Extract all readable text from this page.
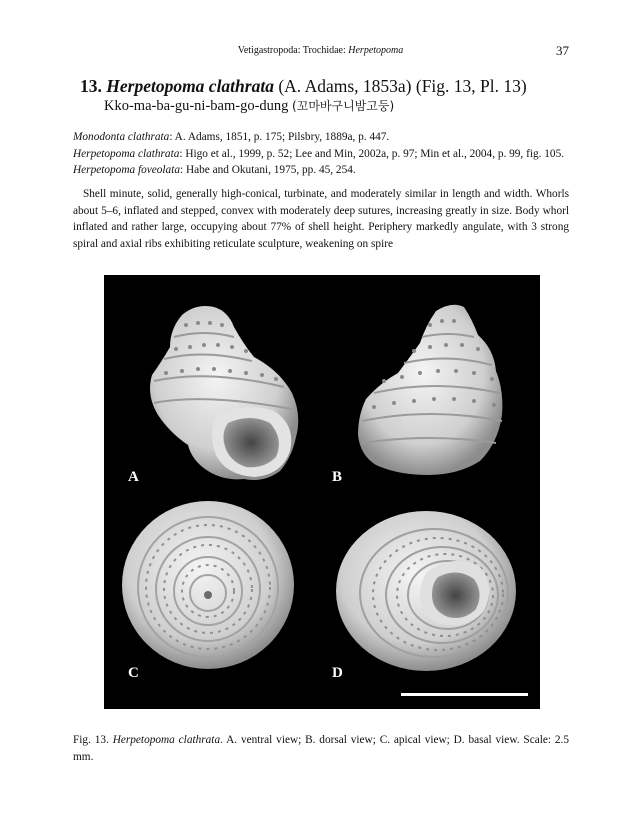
Vetigastropoda: Trochidae: Herpetopoma	37
13. Herpetopoma clathrata (A. Adams, 1853a) (Fig. 13, Pl. 13)
Kko-ma-ba-gu-ni-bam-go-dung (꼬마바구니밤고둥)
Monodonta clathrata: A. Adams, 1851, p. 175; Pilsbry, 1889a, p. 447.
Herpetopoma clathrata: Higo et al., 1999, p. 52; Lee and Min, 2002a, p. 97; Min et al., 2004, p. 99, fig. 105.
Herpetopoma foveolata: Habe and Okutani, 1975, pp. 45, 254.

Shell minute, solid, generally high-conical, turbinate, and moderately similar in length and width. Whorls about 5–6, inflated and stepped, convex with moderately deep sutures, increasing greatly in size. Body whorl inflated and rather large, occupying about 77% of shell height. Periphery markedly angulate, with 3 strong spiral and axial ribs exhibiting reticulate sculpture, weakening on spire

A	B
C	D
Fig. 13. Herpetopoma clathrata. A. ventral view; B. dorsal view; C. apical view; D. basal view. Scale: 2.5 mm.
